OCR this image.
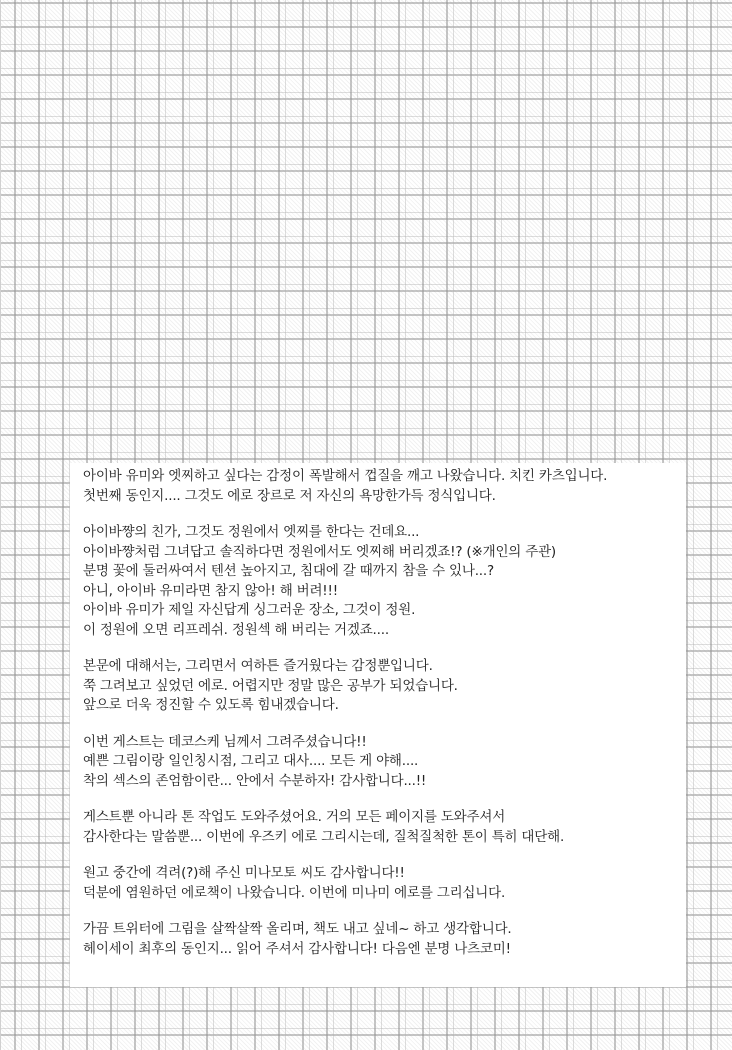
아이바 유미와 엣찌하고 싶다는 감정이 폭발해서 껍질을 깨고 나왔습니다. 치킨 카츠입니다.
첫번째 동인지.... 그것도 에로 장르로 저 자신의 욕망한가득 정식입니다.
아이바쨩의 친가, 그것도 정원에서 엣찌를 한다는 건데요...
아이바쨩처럼 그녀답고 솔직하다면 정원에서도 엣찌해 버리겠죠!? (※개인의 주관)
분명 꽃에 둘러싸여서 텐션 높아지고, 침대에 갈 때까지 참을 수 있나...?
아니, 아이바 유미라면 참지 않아! 해 버려!!!
아이바 유미가 제일 자신답게 싱그러운 장소, 그것이 정원.
이 정원에 오면 리프레쉬. 정원섹 해 버리는 거겠죠....
본문에 대해서는, 그리면서 여하튼 즐거웠다는 감정뿐입니다.
쭉 그려보고 싶었던 에로. 어렵지만 정말 많은 공부가 되었습니다.
앞으로 더욱 정진할 수 있도록 힘내겠습니다.
이번 게스트는 데코스케 님께서 그려주셨습니다!!
예쁜 그림이랑 일인칭시점, 그리고 대사.... 모든 게 야해....
착의 섹스의 존엄함이란... 안에서 수분하자! 감사합니다...!!
게스트뿐 아니라 톤 작업도 도와주셨어요. 거의 모든 페이지를 도와주셔서
감사한다는 말씀뿐... 이번에 우즈키 에로 그리시는데, 질척질척한 톤이 특히 대단해.
원고 중간에 격려(?)해 주신 미나모토 씨도 감사합니다!!
덕분에 염원하던 에로책이 나왔습니다. 이번에 미나미 에로를 그리십니다.
가끔 트위터에 그림을 살짝살짝 올리며, 책도 내고 싶네~ 하고 생각합니다.
헤이세이 최후의 동인지... 읽어 주셔서 감사합니다! 다음엔 분명 나츠코미!
